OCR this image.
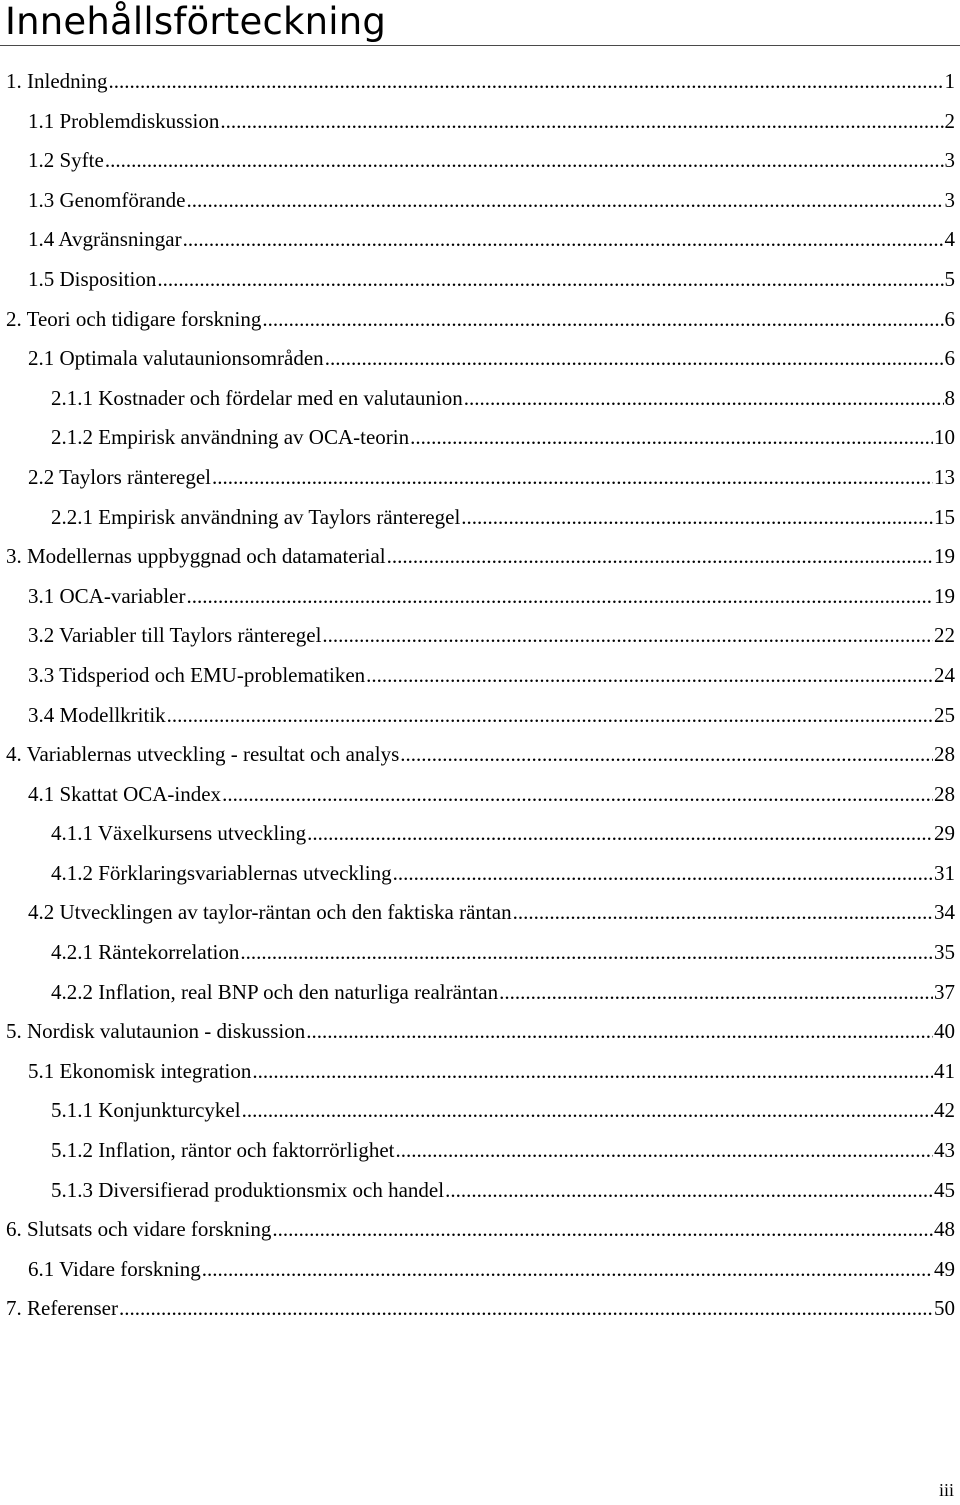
Innehållsförteckning
1. Inledning .....	1
1.1 Problemdiskussion .....	2
1.2 Syfte .....	3
1.3 Genomförande .....	3
1.4 Avgränsningar .....	4
1.5 Disposition .....	5
2. Teori och tidigare forskning .....	6
2.1 Optimala valutaunionsområden .....	6
2.1.1 Kostnader och fördelar med en valutaunion .....	8
2.1.2 Empirisk användning av OCA-teorin .....	10
2.2 Taylors ränteregel .....	13
2.2.1 Empirisk användning av Taylors ränteregel .....	15
3. Modellernas uppbyggnad och datamaterial .....	19
3.1 OCA-variabler .....	19
3.2 Variabler till Taylors ränteregel .....	22
3.3 Tidsperiod och EMU-problematiken .....	24
3.4 Modellkritik .....	25
4. Variablernas utveckling - resultat och analys .....	28
4.1 Skattat OCA-index .....	28
4.1.1 Växelkursens utveckling .....	29
4.1.2 Förklaringsvariablernas utveckling .....	31
4.2 Utvecklingen av taylor-räntan och den faktiska räntan .....	34
4.2.1 Räntekorrelation .....	35
4.2.2 Inflation, real BNP och den naturliga realräntan .....	37
5. Nordisk valutaunion - diskussion .....	40
5.1 Ekonomisk integration .....	41
5.1.1 Konjunkturcykel .....	42
5.1.2 Inflation, räntor och faktorrörlighet .....	43
5.1.3 Diversifierad produktionsmix och handel .....	45
6. Slutsats och vidare forskning .....	48
6.1 Vidare forskning .....	49
7. Referenser .....	50
iii
